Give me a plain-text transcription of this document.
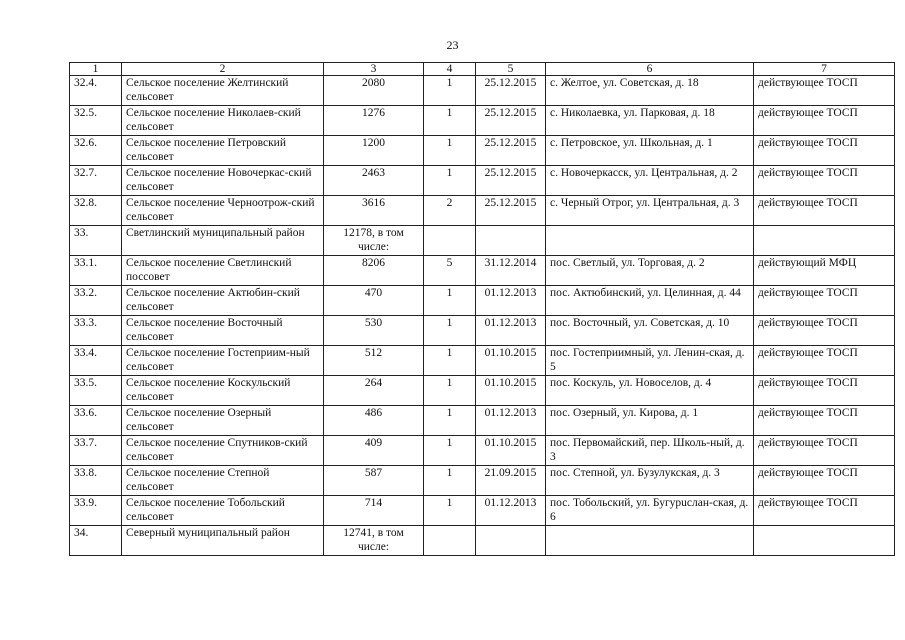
23
1	2	3	4	5	6	7
32.4.	Сельское поселение Желтинский сельсовет	2080	1	25.12.2015	с. Желтое, ул. Советская, д. 18	действующее ТОСП
32.5.	Сельское поселение Николаев-ский сельсовет	1276	1	25.12.2015	с. Николаевка, ул. Парковая, д. 18	действующее ТОСП
32.6.	Сельское поселение Петровский сельсовет	1200	1	25.12.2015	с. Петровское, ул. Школьная, д. 1	действующее ТОСП
32.7.	Сельское поселение Новочеркас-ский сельсовет	2463	1	25.12.2015	с. Новочеркасск, ул. Центральная, д. 2	действующее ТОСП
32.8.	Сельское поселение Черноотрож-ский сельсовет	3616	2	25.12.2015	с. Черный Отрог, ул. Центральная, д. 3	действующее ТОСП
33.	Светлинский муниципальный район	12178, в том числе:				
33.1.	Сельское поселение Светлинский поссовет	8206	5	31.12.2014	пос. Светлый, ул. Торговая, д. 2	действующий МФЦ
33.2.	Сельское поселение Актюбин-ский сельсовет	470	1	01.12.2013	пос. Актюбинский, ул. Целинная, д. 44	действующее ТОСП
33.3.	Сельское поселение Восточный сельсовет	530	1	01.12.2013	пос. Восточный, ул. Советская, д. 10	действующее ТОСП
33.4.	Сельское поселение Гостеприим-ный сельсовет	512	1	01.10.2015	пос. Гостеприимный, ул. Ленин-ская, д. 5	действующее ТОСП
33.5.	Сельское поселение Коскульский сельсовет	264	1	01.10.2015	пос. Коскуль, ул. Новоселов, д. 4	действующее ТОСП
33.6.	Сельское поселение Озерный сельсовет	486	1	01.12.2013	пос. Озерный, ул. Кирова, д. 1	действующее ТОСП
33.7.	Сельское поселение Спутников-ский сельсовет	409	1	01.10.2015	пос. Первомайский, пер. Школь-ный, д. 3	действующее ТОСП
33.8.	Сельское поселение Степной сельсовет	587	1	21.09.2015	пос. Степной, ул. Бузулукская, д. 3	действующее ТОСП
33.9.	Сельское поселение Тобольский сельсовет	714	1	01.12.2013	пос. Тобольский, ул. Бугурuслан-ская, д. 6	действующее ТОСП
34.	Северный муниципальный район	12741, в том числе:				
